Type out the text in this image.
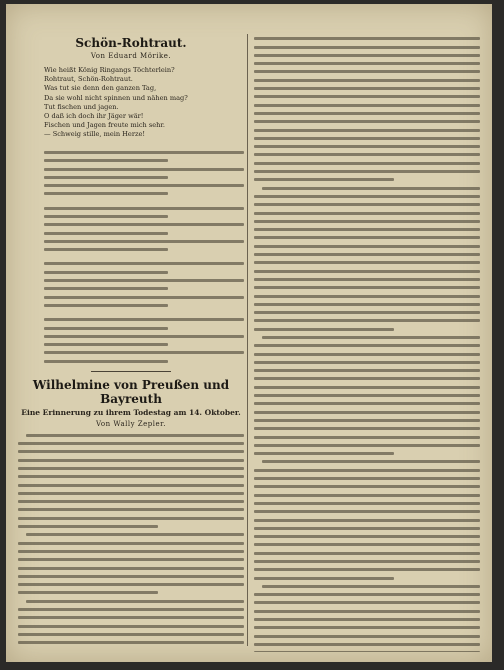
Schön-Rohtraut.
Von Eduard Mörike.
Wie heißt König Ringangs Töchterlein?
Rohtraut, Schön-Rohtraut.
Was tut sie denn den ganzen Tag,
Da sie wohl nicht spinnen und nähen mag?
Tut fischen und jagen.
O daß ich doch ihr Jäger wär!
Fischen und Jagen freute mich sehr.
— Schweig stille, mein Herze!
Wilhelmine von Preußen und Bayreuth
Eine Erinnerung zu ihrem Todestag am 14. Oktober.
Von Wally Zepler.
